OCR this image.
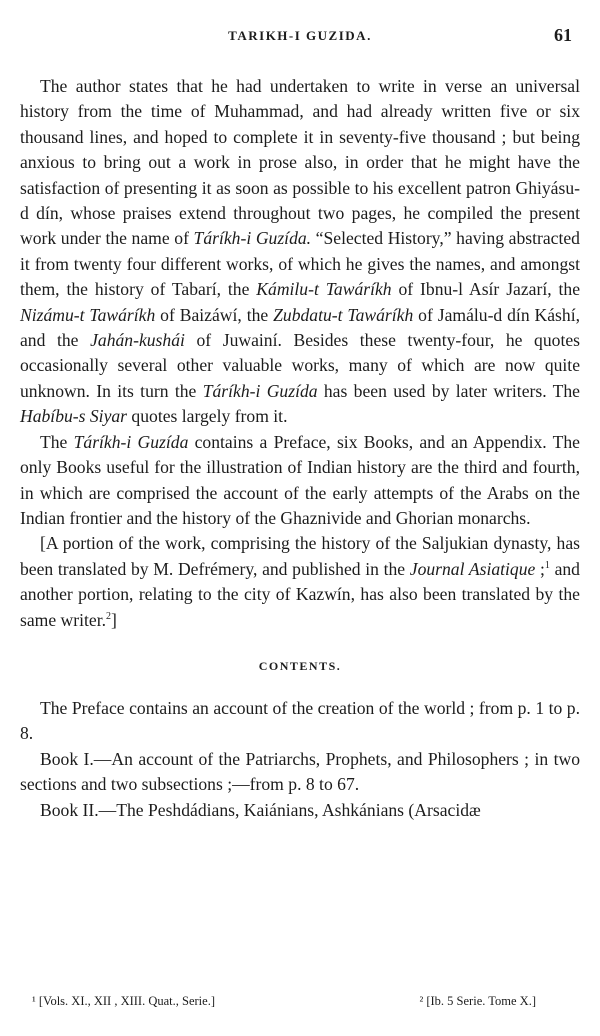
TARIKH-I GUZIDA.	61

The author states that he had undertaken to write in verse an universal history from the time of Muhammad, and had already written five or six thousand lines, and hoped to complete it in seventy-five thousand ; but being anxious to bring out a work in prose also, in order that he might have the satisfaction of presenting it as soon as possible to his excellent patron Ghiyásu-d dín, whose praises extend throughout two pages, he compiled the present work under the name of Táríkh-i Guzída. “Selected History,” having abstracted it from twenty four different works, of which he gives the names, and amongst them, the history of Tabarí, the Kámilu-t Tawáríkh of Ibnu-l Asír Jazarí, the Nizámu-t Tawáríkh of Baizáwí, the Zubdatu-t Tawáríkh of Jamálu-d dín Káshí, and the Jahán-kushái of Juwainí. Besides these twenty-four, he quotes occasionally several other valuable works, many of which are now quite unknown. In its turn the Táríkh-i Guzída has been used by later writers. The Habíbu-s Siyar quotes largely from it.

The Táríkh-i Guzída contains a Preface, six Books, and an Appendix. The only Books useful for the illustration of Indian history are the third and fourth, in which are comprised the account of the early attempts of the Arabs on the Indian frontier and the history of the Ghaznivide and Ghorian monarchs.

[A portion of the work, comprising the history of the Saljukian dynasty, has been translated by M. Defrémery, and published in the Journal Asiatique ;$^1$ and another portion, relating to the city of Kazwín, has also been translated by the same writer.$^2$]

CONTENTS.

The Preface contains an account of the creation of the world ; from p. 1 to p. 8.

Book I.—An account of the Patriarchs, Prophets, and Philosophers ; in two sections and two subsections ;—from p. 8 to 67.

Book II.—The Peshdádians, Kaiánians, Ashkánians (Arsacidæ

¹ [Vols. XI., XII , XIII. Quat., Serie.]	² [Ib. 5 Serie. Tome X.]
